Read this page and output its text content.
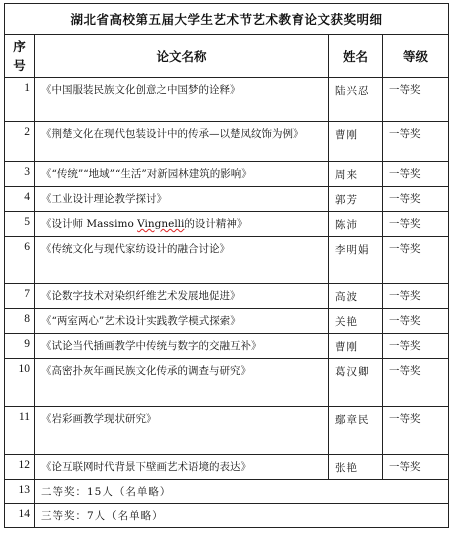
湖北省高校第五届大学生艺术节艺术教育论文获奖明细			
序号	论文名称	姓名	等级
1	《中国服装民族文化创意之中国梦的诠释》	陆兴忍	一等奖
2	《荆楚文化在现代包装设计中的传承—以楚凤纹饰为例》	曹刚	一等奖
3	《“传统”“地域”“生活”对新园林建筑的影响》	周来	一等奖
4	《工业设计理论教学探讨》	郭芳	一等奖
5	《设计师 Massimo Vingnelli的设计精神》	陈沛	一等奖
6	《传统文化与现代家纺设计的融合讨论》	李明娟	一等奖
7	《论数字技术对染织纤维艺术发展地促进》	高波	一等奖
8	《“两室两心”艺术设计实践教学模式探索》	关艳	一等奖
9	《试论当代插画教学中传统与数字的交融互补》	曹刚	一等奖
10	《高密扑灰年画民族文化传承的调查与研究》	葛汉卿	一等奖
11	《岩彩画教学现状研究》	鄢章民	一等奖
12	《论互联网时代背景下壁画艺术语境的表达》	张艳	一等奖
13	二等奖：15人（名单略）		
14	三等奖：7人（名单略）		
